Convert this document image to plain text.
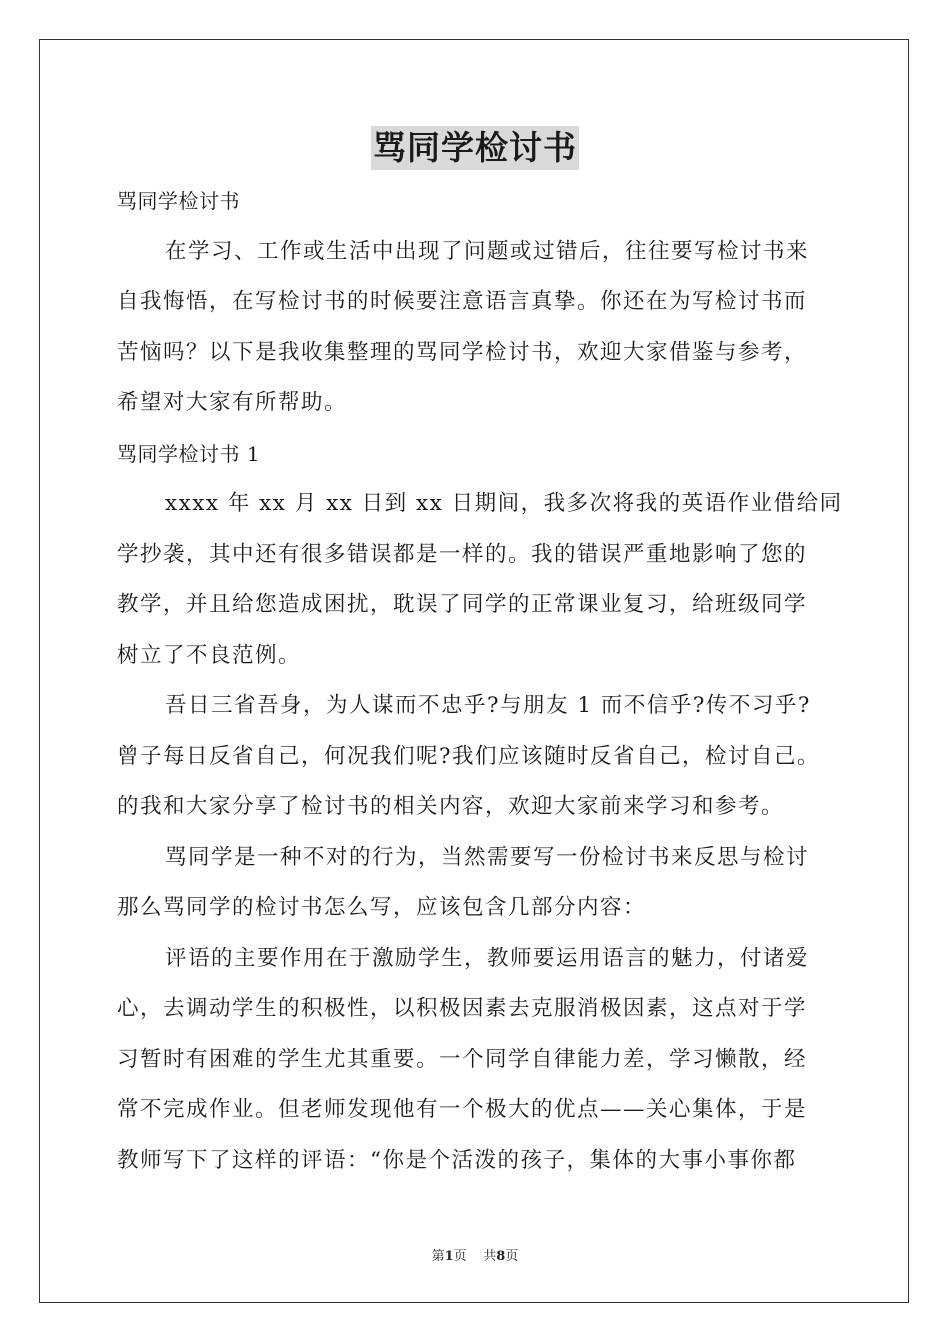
骂同学检讨书
骂同学检讨书
在学习、工作或生活中出现了问题或过错后，往往要写检讨书来
自我悔悟，在写检讨书的时候要注意语言真挚。你还在为写检讨书而
苦恼吗？以下是我收集整理的骂同学检讨书，欢迎大家借鉴与参考，
希望对大家有所帮助。
骂同学检讨书 1
xxxx 年 xx 月 xx 日到 xx 日期间，我多次将我的英语作业借给同
学抄袭，其中还有很多错误都是一样的。我的错误严重地影响了您的
教学，并且给您造成困扰，耽误了同学的正常课业复习，给班级同学
树立了不良范例。
吾日三省吾身，为人谋而不忠乎?与朋友 1 而不信乎?传不习乎?
曾子每日反省自己，何况我们呢?我们应该随时反省自己，检讨自己。
的我和大家分享了检讨书的相关内容，欢迎大家前来学习和参考。
骂同学是一种不对的行为，当然需要写一份检讨书来反思与检讨
那么骂同学的检讨书怎么写，应该包含几部分内容：
评语的主要作用在于激励学生，教师要运用语言的魅力，付诸爱
心，去调动学生的积极性，以积极因素去克服消极因素，这点对于学
习暂时有困难的学生尤其重要。一个同学自律能力差，学习懒散，经
常不完成作业。但老师发现他有一个极大的优点——关心集体，于是
教师写下了这样的评语：“你是个活泼的孩子，集体的大事小事你都
第1页 共8页
